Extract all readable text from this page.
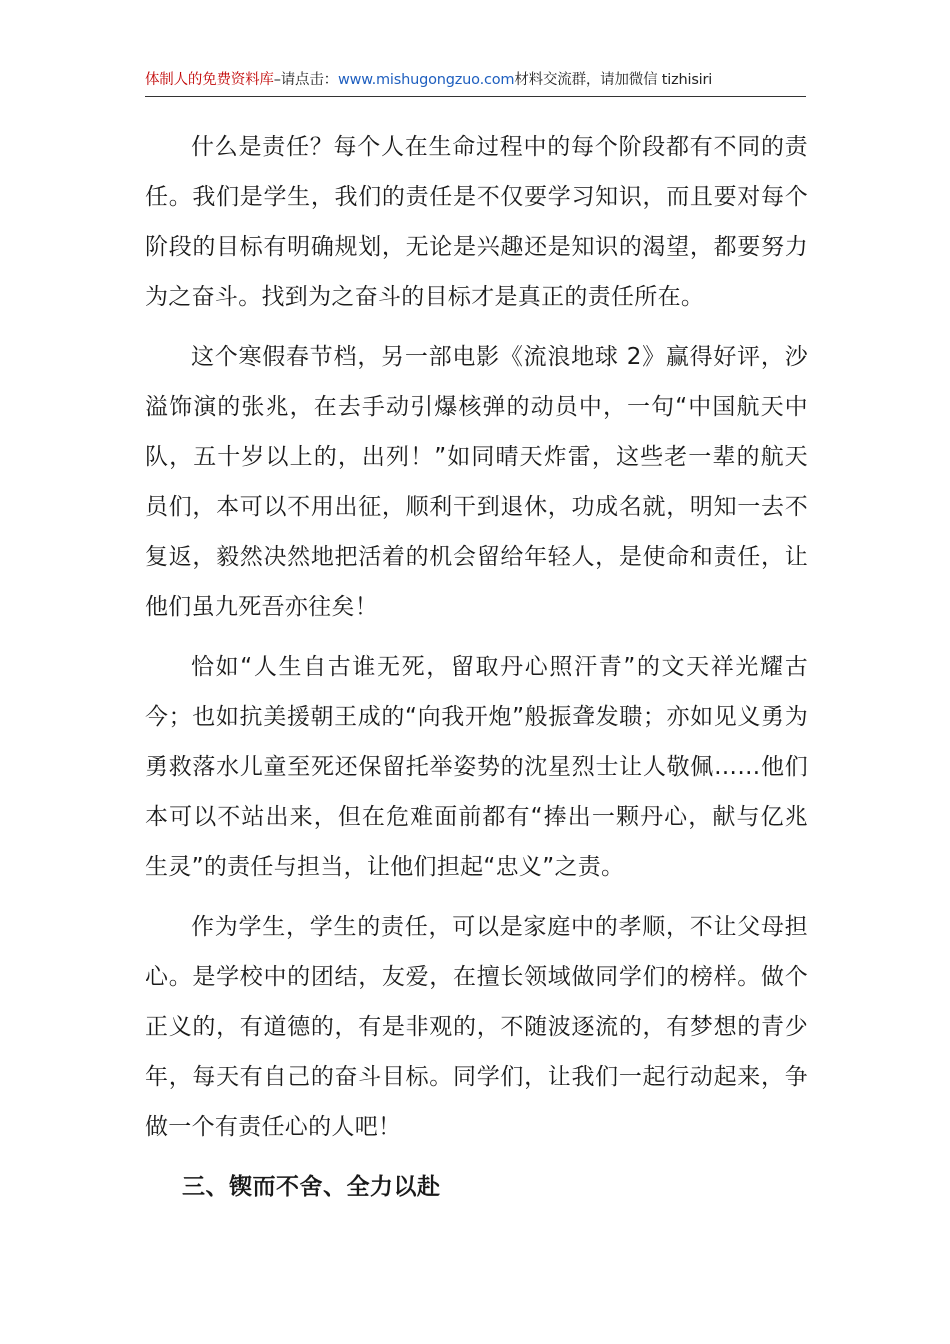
体制人的免费资料库–请点击：www.mishugongzuo.com材料交流群，请加微信 tizhisiri

什么是责任？每个人在生命过程中的每个阶段都有不同的责任。我们是学生，我们的责任是不仅要学习知识，而且要对每个阶段的目标有明确规划，无论是兴趣还是知识的渴望，都要努力为之奋斗。找到为之奋斗的目标才是真正的责任所在。

这个寒假春节档，另一部电影《流浪地球 2》赢得好评，沙溢饰演的张兆，在去手动引爆核弹的动员中，一句“中国航天中队，五十岁以上的，出列！”如同晴天炸雷，这些老一辈的航天员们，本可以不用出征，顺利干到退休，功成名就，明知一去不复返，毅然决然地把活着的机会留给年轻人，是使命和责任，让他们虽九死吾亦往矣！

恰如“人生自古谁无死，留取丹心照汗青”的文天祥光耀古今；也如抗美援朝王成的“向我开炮”般振聋发聩；亦如见义勇为勇救落水儿童至死还保留托举姿势的沈星烈士让人敬佩……他们本可以不站出来，但在危难面前都有“捧出一颗丹心，献与亿兆生灵”的责任与担当，让他们担起“忠义”之责。

作为学生，学生的责任，可以是家庭中的孝顺，不让父母担心。是学校中的团结，友爱，在擅长领域做同学们的榜样。做个正义的，有道德的，有是非观的，不随波逐流的，有梦想的青少年，每天有自己的奋斗目标。同学们，让我们一起行动起来，争做一个有责任心的人吧！

三、锲而不舍、全力以赴
